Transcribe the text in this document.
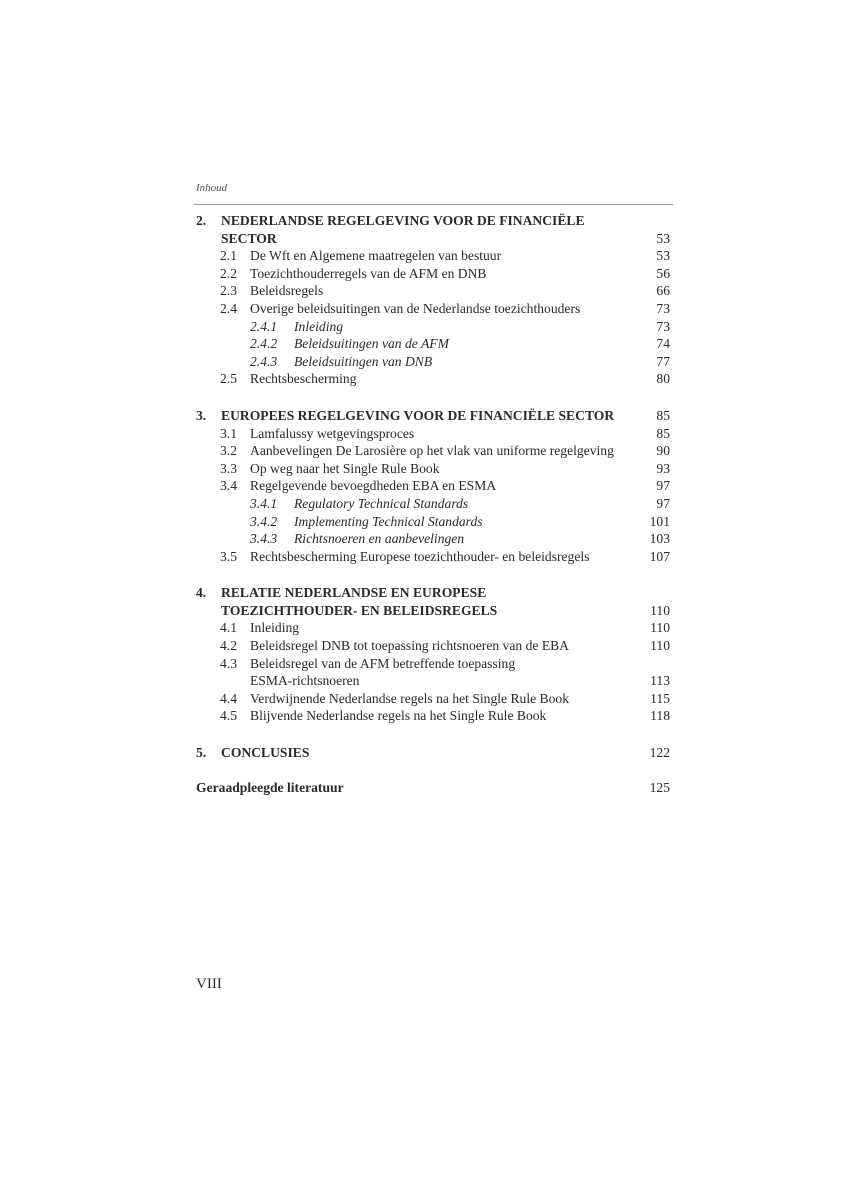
Inhoud
2. NEDERLANDSE REGELGEVING VOOR DE FINANCIËLE SECTOR	53
2.1 De Wft en Algemene maatregelen van bestuur	53
2.2 Toezichthouderregels van de AFM en DNB	56
2.3 Beleidsregels	66
2.4 Overige beleidsuitingen van de Nederlandse toezichthouders	73
2.4.1 Inleiding	73
2.4.2 Beleidsuitingen van de AFM	74
2.4.3 Beleidsuitingen van DNB	77
2.5 Rechtsbescherming	80
3. EUROPEES REGELGEVING VOOR DE FINANCIËLE SECTOR	85
3.1 Lamfalussy wetgevingsproces	85
3.2 Aanbevelingen De Larosière op het vlak van uniforme regelgeving	90
3.3 Op weg naar het Single Rule Book	93
3.4 Regelgevende bevoegdheden EBA en ESMA	97
3.4.1 Regulatory Technical Standards	97
3.4.2 Implementing Technical Standards	101
3.4.3 Richtsnoeren en aanbevelingen	103
3.5 Rechtsbescherming Europese toezichthouder- en beleidsregels	107
4. RELATIE NEDERLANDSE EN EUROPESE TOEZICHTHOUDER- EN BELEIDSREGELS	110
4.1 Inleiding	110
4.2 Beleidsregel DNB tot toepassing richtsnoeren van de EBA	110
4.3 Beleidsregel van de AFM betreffende toepassing ESMA-richtsnoeren	113
4.4 Verdwijnende Nederlandse regels na het Single Rule Book	115
4.5 Blijvende Nederlandse regels na het Single Rule Book	118
5. CONCLUSIES	122
Geraadpleegde literatuur	125
VIII
